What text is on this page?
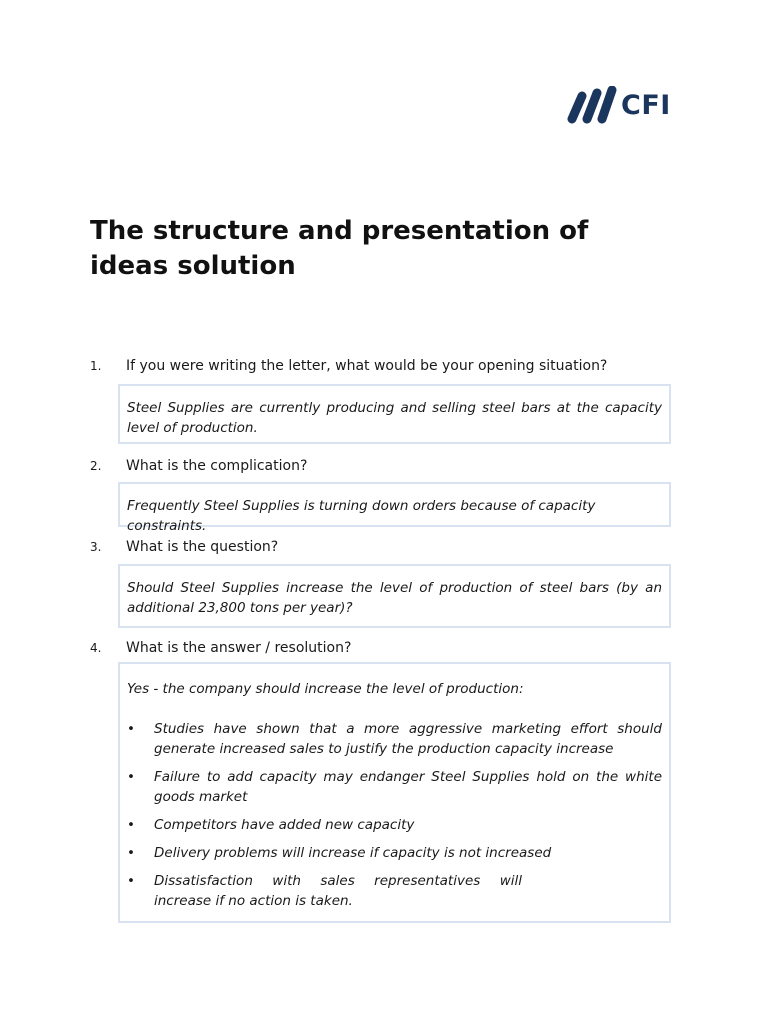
CFI
The structure and presentation of ideas solution
1. If you were writing the letter, what would be your opening situation?
Steel Supplies are currently producing and selling steel bars at the capacity level of production.
2. What is the complication?
Frequently Steel Supplies is turning down orders because of capacity constraints.
3. What is the question?
Should Steel Supplies increase the level of production of steel bars (by an additional 23,800 tons per year)?
4. What is the answer / resolution?
Yes - the company should increase the level of production:
• Studies have shown that a more aggressive marketing effort should generate increased sales to justify the production capacity increase
• Failure to add capacity may endanger Steel Supplies hold on the white goods market
• Competitors have added new capacity
• Delivery problems will increase if capacity is not increased
• Dissatisfaction with sales representatives will increase if no action is taken.
